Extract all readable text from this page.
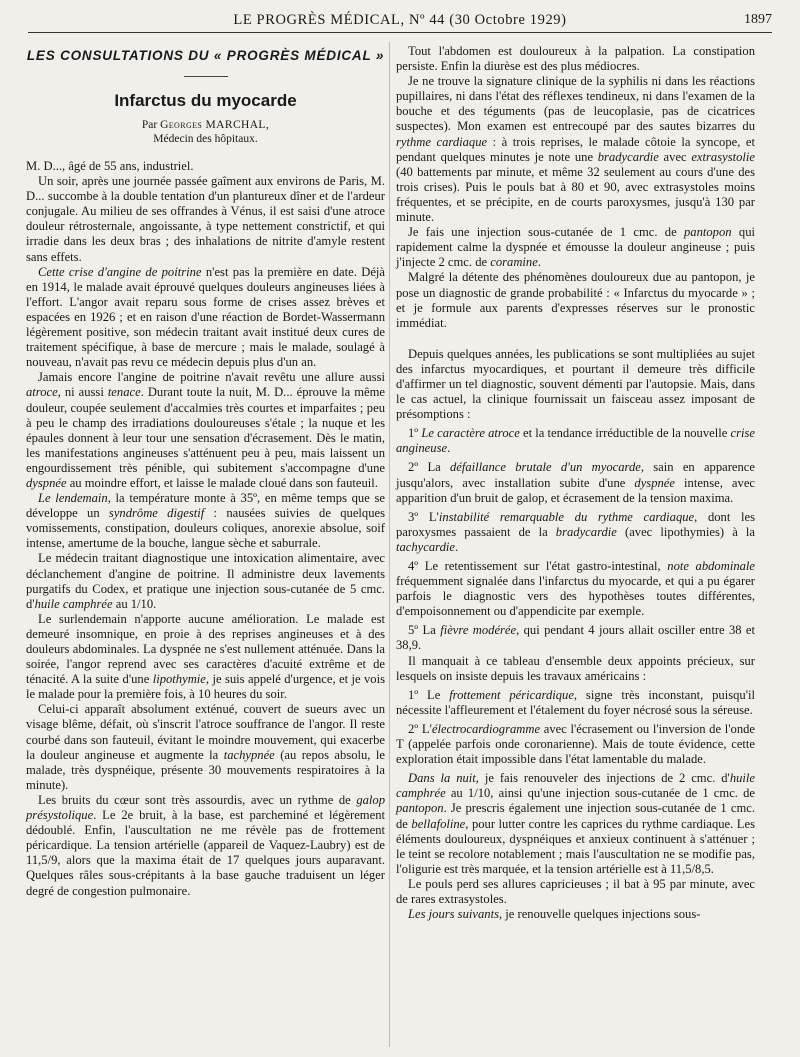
LE PROGRÈS MÉDICAL, Nº 44 (30 Octobre 1929)	1897
LES CONSULTATIONS DU « PROGRÈS MÉDICAL »
Infarctus du myocarde
Par Georges MARCHAL,
Médecin des hôpitaux.

M. D..., âgé de 55 ans, industriel.

Un soir, après une journée passée gaîment aux environs de Paris, M. D... succombe à la double tentation d'un plantureux dîner et de l'ardeur conjugale. Au milieu de ses offrandes à Vénus, il est saisi d'une atroce douleur rétrosternale, angoissante, à type nettement constrictif, et qui irradie dans les deux bras ; des inhalations de nitrite d'amyle restent sans effets.

Cette crise d'angine de poitrine n'est pas la première en date. Déjà en 1914, le malade avait éprouvé quelques douleurs angineuses liées à l'effort. L'angor avait reparu sous forme de crises assez brèves et espacées en 1926 ; et en raison d'une réaction de Bordet-Wassermann légèrement positive, son médecin traitant avait institué deux cures de traitement spécifique, à base de mercure ; mais le malade, soulagé à nouveau, n'avait pas revu ce médecin depuis plus d'un an.

Jamais encore l'angine de poitrine n'avait revêtu une allure aussi atroce, ni aussi tenace. Durant toute la nuit, M. D... éprouve la même douleur, coupée seulement d'accalmies très courtes et imparfaites ; peu à peu le champ des irradiations douloureuses s'étale ; la nuque et les épaules donnent à leur tour une sensation d'écrasement. Dès le matin, les manifestations angineuses s'atténuent peu à peu, mais laissent un engourdissement très pénible, qui subitement s'accompagne d'une dyspnée au moindre effort, et laisse le malade cloué dans son fauteuil.

Le lendemain, la température monte à 35º, en même temps que se développe un syndrôme digestif : nausées suivies de quelques vomissements, constipation, douleurs coliques, anorexie absolue, soif intense, amertume de la bouche, langue sèche et saburrale.

Le médecin traitant diagnostique une intoxication alimentaire, avec déclanchement d'angine de poitrine. Il administre deux lavements purgatifs du Codex, et pratique une injection sous-cutanée de 5 cmc. d'huile camphrée au 1/10.

Le surlendemain n'apporte aucune amélioration. Le malade est demeuré insomnique, en proie à des reprises angineuses et à des douleurs abdominales. La dyspnée ne s'est nullement atténuée. Dans la soirée, l'angor reprend avec ses caractères d'acuité extrême et de ténacité. A la suite d'une lipothymie, je suis appelé d'urgence, et je vois le malade pour la première fois, à 10 heures du soir.

Celui-ci apparaît absolument exténué, couvert de sueurs avec un visage blême, défait, où s'inscrit l'atroce souffrance de l'angor. Il reste courbé dans son fauteuil, évitant le moindre mouvement, qui exacerbe la douleur angineuse et augmente la tachypnée (au repos absolu, le malade, très dyspnéique, présente 30 mouvements respiratoires à la minute).

Les bruits du cœur sont très assourdis, avec un rythme de galop présystolique. Le 2e bruit, à la base, est parcheminé et légèrement dédoublé. Enfin, l'auscultation ne me révèle pas de frottement péricardique. La tension artérielle (appareil de Vaquez-Laubry) est de 11,5/9, alors que la maxima était de 17 quelques jours auparavant. Quelques râles sous-crépitants à la base gauche traduisent un léger degré de congestion pulmonaire.

Tout l'abdomen est douloureux à la palpation. La constipation persiste. Enfin la diurèse est des plus médiocres.

Je ne trouve la signature clinique de la syphilis ni dans les réactions pupillaires, ni dans l'état des réflexes tendineux, ni dans l'examen de la bouche et des téguments (pas de leucoplasie, pas de cicatrices suspectes). Mon examen est entrecoupé par des sautes bizarres du rythme cardiaque : à trois reprises, le malade côtoie la syncope, et pendant quelques minutes je note une bradycardie avec extrasystolie (40 battements par minute, et même 32 seulement au cours d'une des trois crises). Puis le pouls bat à 80 et 90, avec extrasystoles moins fréquentes, et se précipite, en de courts paroxysmes, jusqu'à 130 par minute.

Je fais une injection sous-cutanée de 1 cmc. de pantopon qui rapidement calme la dyspnée et émousse la douleur angineuse ; puis j'injecte 2 cmc. de coramine.

Malgré la détente des phénomènes douloureux due au pantopon, je pose un diagnostic de grande probabilité : « Infarctus du myocarde » ; et je formule aux parents d'expresses réserves sur le pronostic immédiat.

Depuis quelques années, les publications se sont multipliées au sujet des infarctus myocardiques, et pourtant il demeure très difficile d'affirmer un tel diagnostic, souvent démenti par l'autopsie. Mais, dans le cas actuel, la clinique fournissait un faisceau assez imposant de présomptions :

1º Le caractère atroce et la tendance irréductible de la nouvelle crise angineuse.

2º La défaillance brutale d'un myocarde, sain en apparence jusqu'alors, avec installation subite d'une dyspnée intense, avec apparition d'un bruit de galop, et écrasement de la tension maxima.

3º L'instabilité remarquable du rythme cardiaque, dont les paroxysmes passaient de la bradycardie (avec lipothymies) à la tachycardie.

4º Le retentissement sur l'état gastro-intestinal, note abdominale fréquemment signalée dans l'infarctus du myocarde, et qui a pu égarer parfois le diagnostic vers des hypothèses toutes différentes, d'empoisonnement ou d'appendicite par exemple.

5º La fièvre modérée, qui pendant 4 jours allait osciller entre 38 et 38,9.

Il manquait à ce tableau d'ensemble deux appoints précieux, sur lesquels on insiste depuis les travaux américains :

1º Le frottement péricardique, signe très inconstant, puisqu'il nécessite l'affleurement et l'étalement du foyer nécrosé sous la séreuse.

2º L'électrocardiogramme avec l'écrasement ou l'inversion de l'onde T (appelée parfois onde coronarienne). Mais de toute évidence, cette exploration était impossible dans l'état lamentable du malade.

Dans la nuit, je fais renouveler des injections de 2 cmc. d'huile camphrée au 1/10, ainsi qu'une injection sous-cutanée de 1 cmc. de pantopon. Je prescris également une injection sous-cutanée de 1 cmc. de bellafoline, pour lutter contre les caprices du rythme cardiaque. Les éléments douloureux, dyspnéiques et anxieux continuent à s'atténuer ; le teint se recolore notablement ; mais l'auscultation ne se modifie pas, l'oligurie est très marquée, et la tension artérielle est à 11,5/8,5.

Le pouls perd ses allures capricieuses ; il bat à 95 par minute, avec de rares extrasystoles.

Les jours suivants, je renouvelle quelques injections sous-
